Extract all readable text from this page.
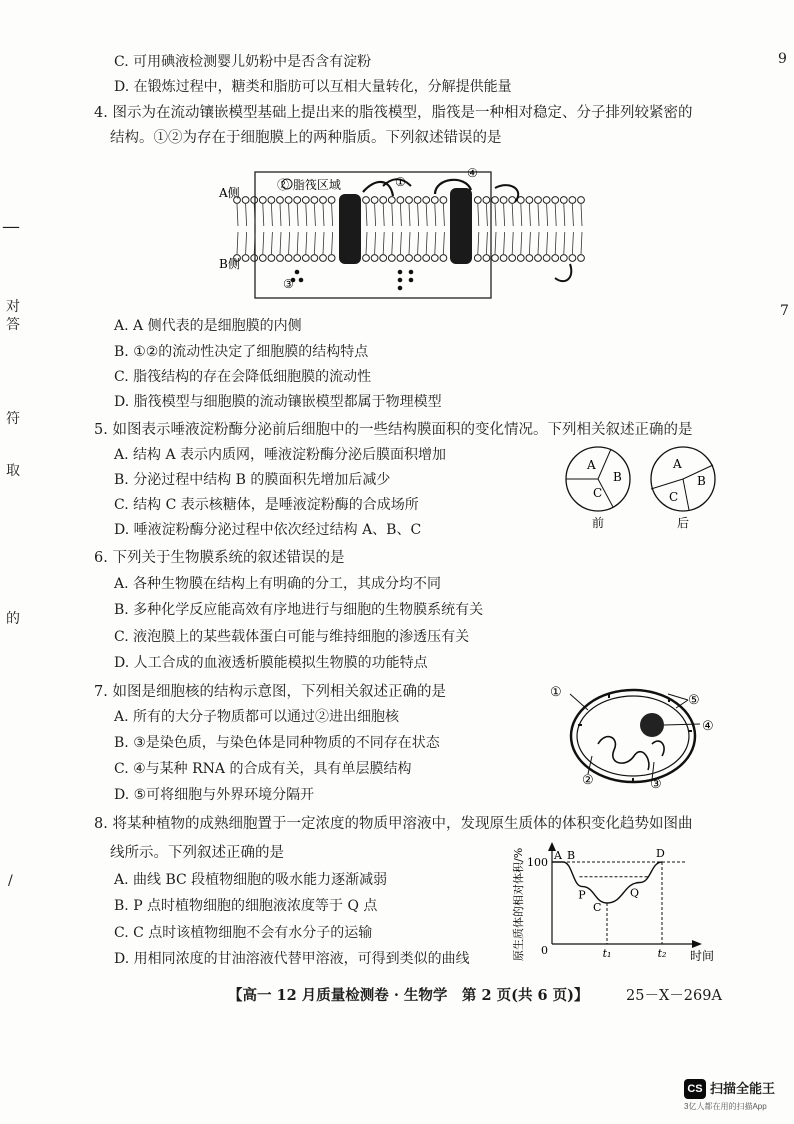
—
对
答
符
取
的
/
9
7
C. 可用碘液检测婴儿奶粉中是否含有淀粉
D. 在锻炼过程中，糖类和脂肪可以互相大量转化，分解提供能量
4. 图示为在流动镶嵌模型基础上提出来的脂筏模型，脂筏是一种相对稳定、分子排列较紧密的
结构。①②为存在于细胞膜上的两种脂质。下列叙述错误的是
A侧
B侧
② 脂筏区域	①
④
③
A. A 侧代表的是细胞膜的内侧
B. ①②的流动性决定了细胞膜的结构特点
C. 脂筏结构的存在会降低细胞膜的流动性
D. 脂筏模型与细胞膜的流动镶嵌模型都属于物理模型
5. 如图表示唾液淀粉酶分泌前后细胞中的一些结构膜面积的变化情况。下列相关叙述正确的是
A. 结构 A 表示内质网，唾液淀粉酶分泌后膜面积增加
B. 分泌过程中结构 B 的膜面积先增加后减少
C. 结构 C 表示核糖体，是唾液淀粉酶的合成场所
D. 唾液淀粉酶分泌过程中依次经过结构 A、B、C
A
B
C
前
A
B
C
后
6. 下列关于生物膜系统的叙述错误的是
A. 各种生物膜在结构上有明确的分工，其成分均不同
B. 多种化学反应能高效有序地进行与细胞的生物膜系统有关
C. 液泡膜上的某些载体蛋白可能与维持细胞的渗透压有关
D. 人工合成的血液透析膜能模拟生物膜的功能特点
7. 如图是细胞核的结构示意图，下列相关叙述正确的是
A. 所有的大分子物质都可以通过②进出细胞核
B. ③是染色质，与染色体是同种物质的不同存在状态
C. ④与某种 RNA 的合成有关，具有单层膜结构
D. ⑤可将细胞与外界环境分隔开
①
②	③
④
⑤
8. 将某种植物的成熟细胞置于一定浓度的物质甲溶液中，发现原生质体的体积变化趋势如图曲
线所示。下列叙述正确的是
A. 曲线 BC 段植物细胞的吸水能力逐渐减弱
B. P 点时植物细胞的细胞液浓度等于 Q 点
C. C 点时该植物细胞不会有水分子的运输
D. 用相同浓度的甘油溶液代替甲溶液，可得到类似的曲线	原生质体的相对体积/% 0	时间
100
t₁	t₂
A B
C
P	Q
D
【高一 12 月质量检测卷 · 生物学　第 2 页(共 6 页)】	25－X－269A
CS 扫描全能王
3亿人都在用的扫描App
